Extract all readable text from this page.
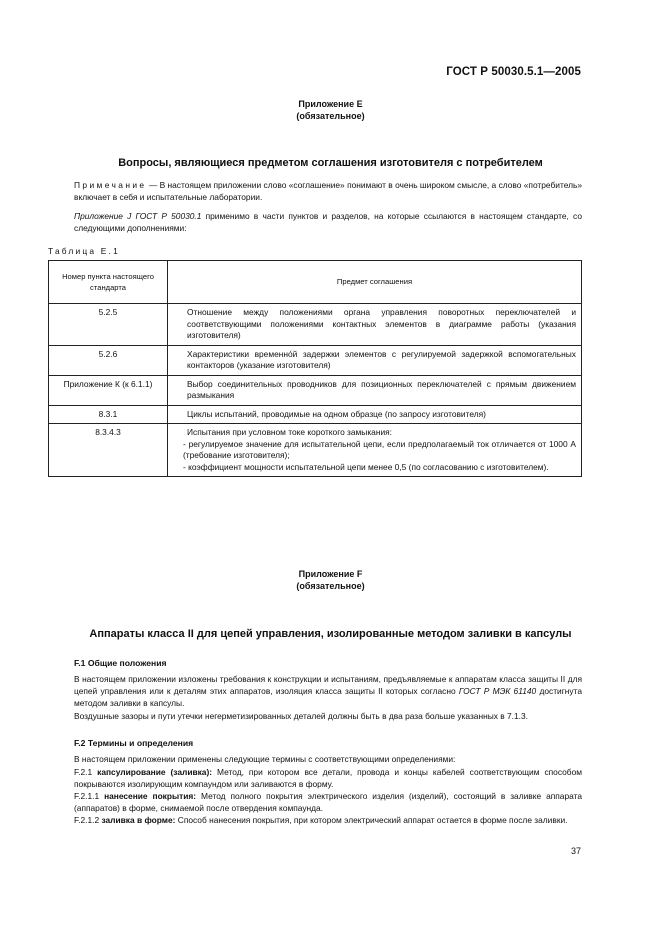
ГОСТ Р 50030.5.1—2005
Приложение Е
(обязательное)
Вопросы, являющиеся предметом соглашения изготовителя с потребителем
Примечание — В настоящем приложении слово «соглашение» понимают в очень широком смысле, а слово «потребитель» включает в себя и испытательные лаборатории.
Приложение J ГОСТ Р 50030.1 применимо в части пунктов и разделов, на которые ссылаются в настоящем стандарте, со следующими дополнениями:
Таблица Е.1
Номер пункта настоящего стандарта	Предмет соглашения
5.2.5	Отношение между положениями органа управления поворотных переключателей и соответствующими положениями контактных элементов в диаграмме работы (указания изготовителя)

5.2.6	Характеристики временно́й задержки элементов с регулируемой задержкой вспомогательных контакторов (указание изготовителя)

Приложение К (к 6.1.1)	Выбор соединительных проводников для позиционных переключателей с прямым движением размыкания

8.3.1	Циклы испытаний, проводимые на одном образце (по запросу изготовителя)

8.3.4.3	Испытания при условном токе короткого замыкания:
- регулируемое значение для испытательной цепи, если предполагаемый ток отличается от 1000 А (требование изготовителя);
- коэффициент мощности испытательной цепи менее 0,5 (по согласованию с изготовителем).
Приложение F
(обязательное)
Аппараты класса II для цепей управления, изолированные методом заливки в капсулы
F.1 Общие положения
В настоящем приложении изложены требования к конструкции и испытаниям, предъявляемые к аппаратам класса защиты II для цепей управления или к деталям этих аппаратов, изоляция класса защиты II которых согласно ГОСТ Р МЭК 61140 достигнута методом заливки в капсулы.
Воздушные зазоры и пути утечки негерметизированных деталей должны быть в два раза больше указанных в 7.1.3.
F.2 Термины и определения
В настоящем приложении применены следующие термины с соответствующими определениями:
F.2.1 капсулирование (заливка): Метод, при котором все детали, провода и концы кабелей соответствующим способом покрываются изолирующим компаундом или заливаются в форму.
F.2.1.1 нанесение покрытия: Метод полного покрытия электрического изделия (изделий), состоящий в заливке аппарата (аппаратов) в форме, снимаемой после отвердения компаунда.
F.2.1.2 заливка в форме: Способ нанесения покрытия, при котором электрический аппарат остается в форме после заливки.
37
